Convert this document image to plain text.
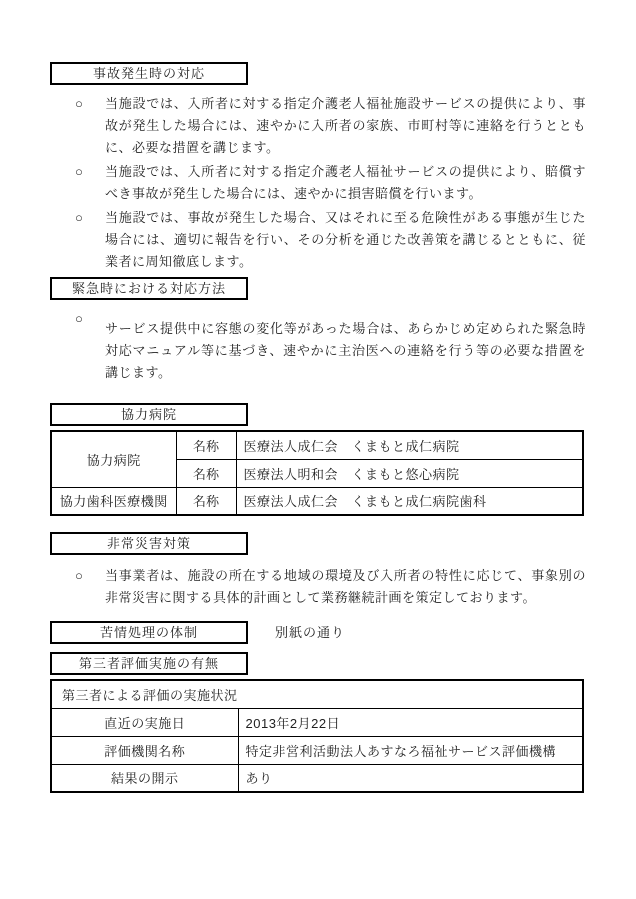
事故発生時の対応
○	当施設では、入所者に対する指定介護老人福祉施設サービスの提供により、事故が発生した場合には、速やかに入所者の家族、市町村等に連絡を行うとともに、必要な措置を講じます。
○	当施設では、入所者に対する指定介護老人福祉サービスの提供により、賠償すべき事故が発生した場合には、速やかに損害賠償を行います。
○	当施設では、事故が発生した場合、又はそれに至る危険性がある事態が生じた場合には、適切に報告を行い、その分析を通じた改善策を講じるとともに、従業者に周知徹底します。
緊急時における対応方法
○
サービス提供中に容態の変化等があった場合は、あらかじめ定められた緊急時対応マニュアル等に基づき、速やかに主治医への連絡を行う等の必要な措置を講じます。
協力病院
協力病院	名称	医療法人成仁会　くまもと成仁病院
	名称	医療法人明和会　くまもと悠心病院
協力歯科医療機関	名称	医療法人成仁会　くまもと成仁病院歯科
非常災害対策
○	当事業者は、施設の所在する地域の環境及び入所者の特性に応じて、事象別の非常災害に関する具体的計画として業務継続計画を策定しております。
苦情処理の体制	別紙の通り
第三者評価実施の有無
第三者による評価の実施状況	
直近の実施日	2013年2月22日
評価機関名称	特定非営利活動法人あすなろ福祉サービス評価機構
結果の開示	あり
